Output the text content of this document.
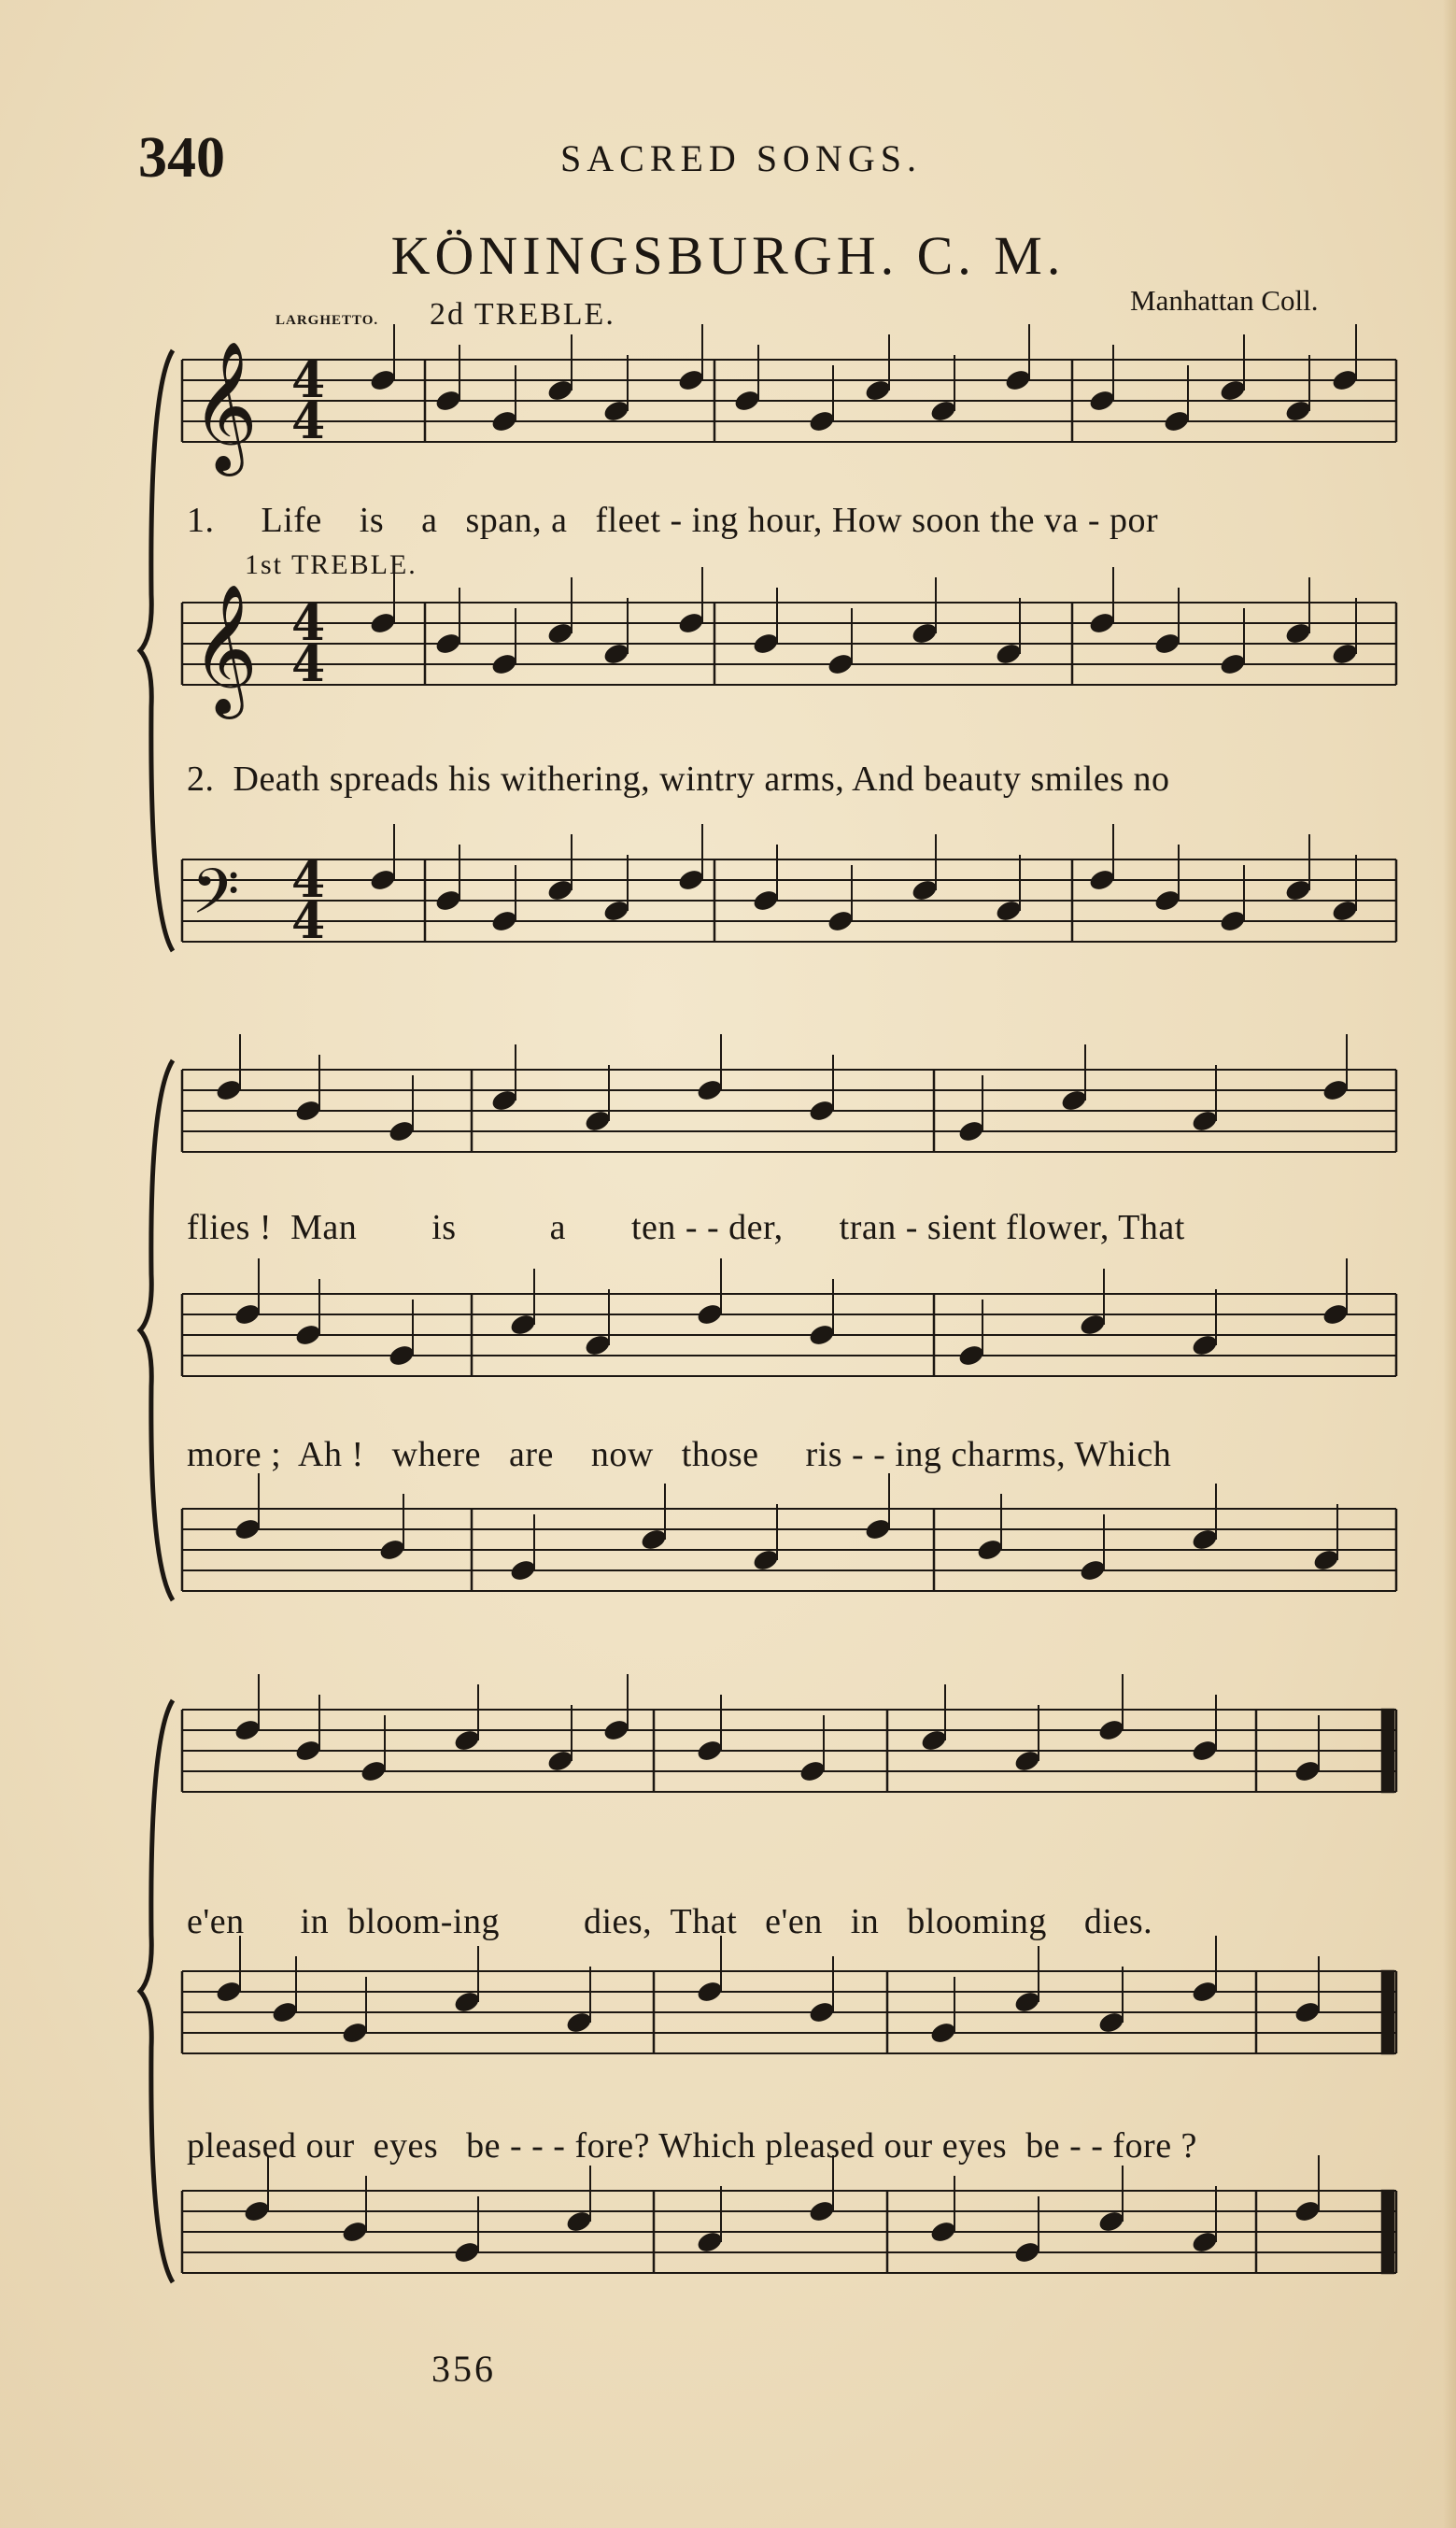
340	SACRED SONGS.
KÖNINGSBURGH. C. M.
LARGHETTO. 2d TREBLE.	Manhattan Coll.
1st TREBLE.
𝄞 4
4
𝄞 4
4
𝄢 4
4
1.     Life    is    a   span, a   fleet - ing hour, How soon the va - por
2.  Death spreads his withering, wintry arms, And beauty smiles no
flies !  Man        is          a       ten - - der,      tran - sient flower, That
more ;  Ah !   where   are    now   those     ris - - ing charms, Which
e'en      in  bloom-ing         dies,  That   e'en   in   blooming    dies.
pleased our  eyes   be - - - fore? Which pleased our eyes  be - - fore ?
356
